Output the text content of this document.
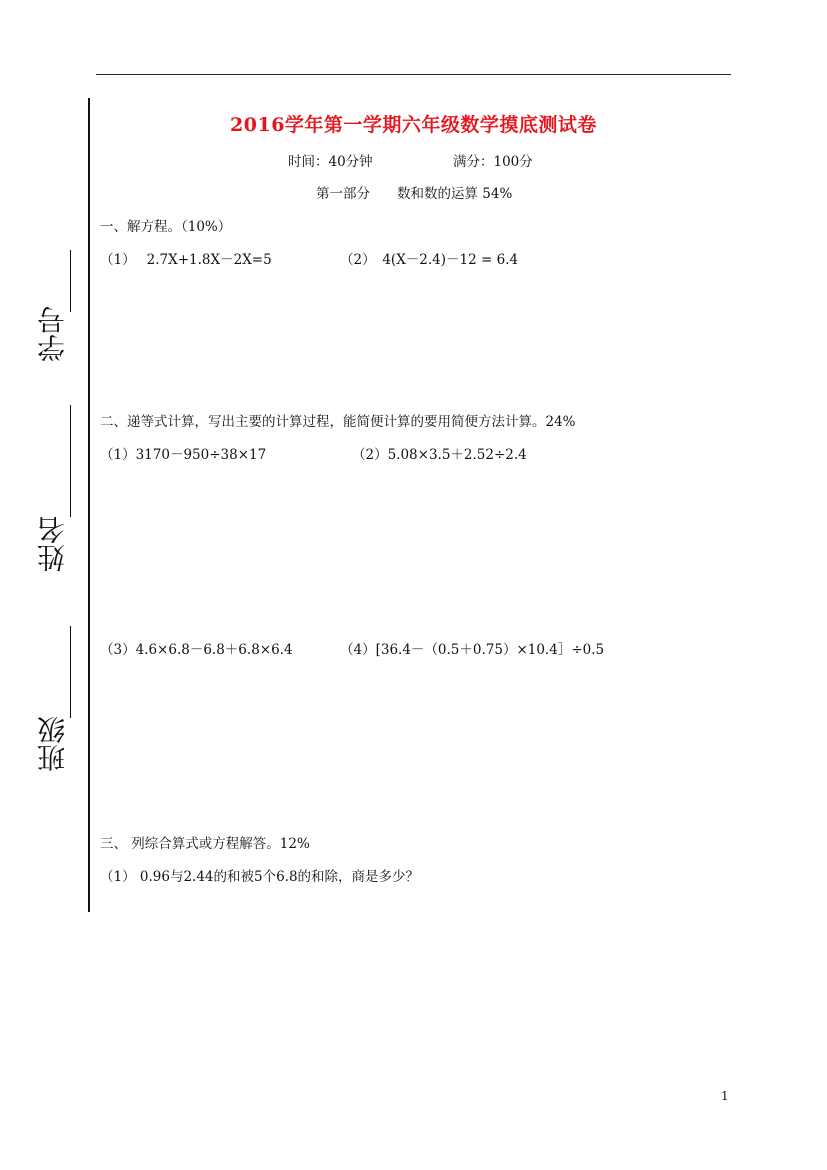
学号
姓名
班级
2016学年第一学期六年级数学摸底测试卷
时间：40分钟	满分：100分
第一部分　　数和数的运算 54%
一、解方程。（10%）
（1）　 2.7X+1.8X－2X=5	（2）　4(X－2.4)－12 = 6.4
二、递等式计算，写出主要的计算过程，能简便计算的要用简便方法计算。24%
（1）3170－950÷38×17	（2）5.08×3.5＋2.52÷2.4
（3）4.6×6.8－6.8＋6.8×6.4	（4）[36.4－（0.5＋0.75）×10.4］÷0.5
三、 列综合算式或方程解答。12%
（1） 0.96与2.44的和被5个6.8的和除，商是多少？
1
